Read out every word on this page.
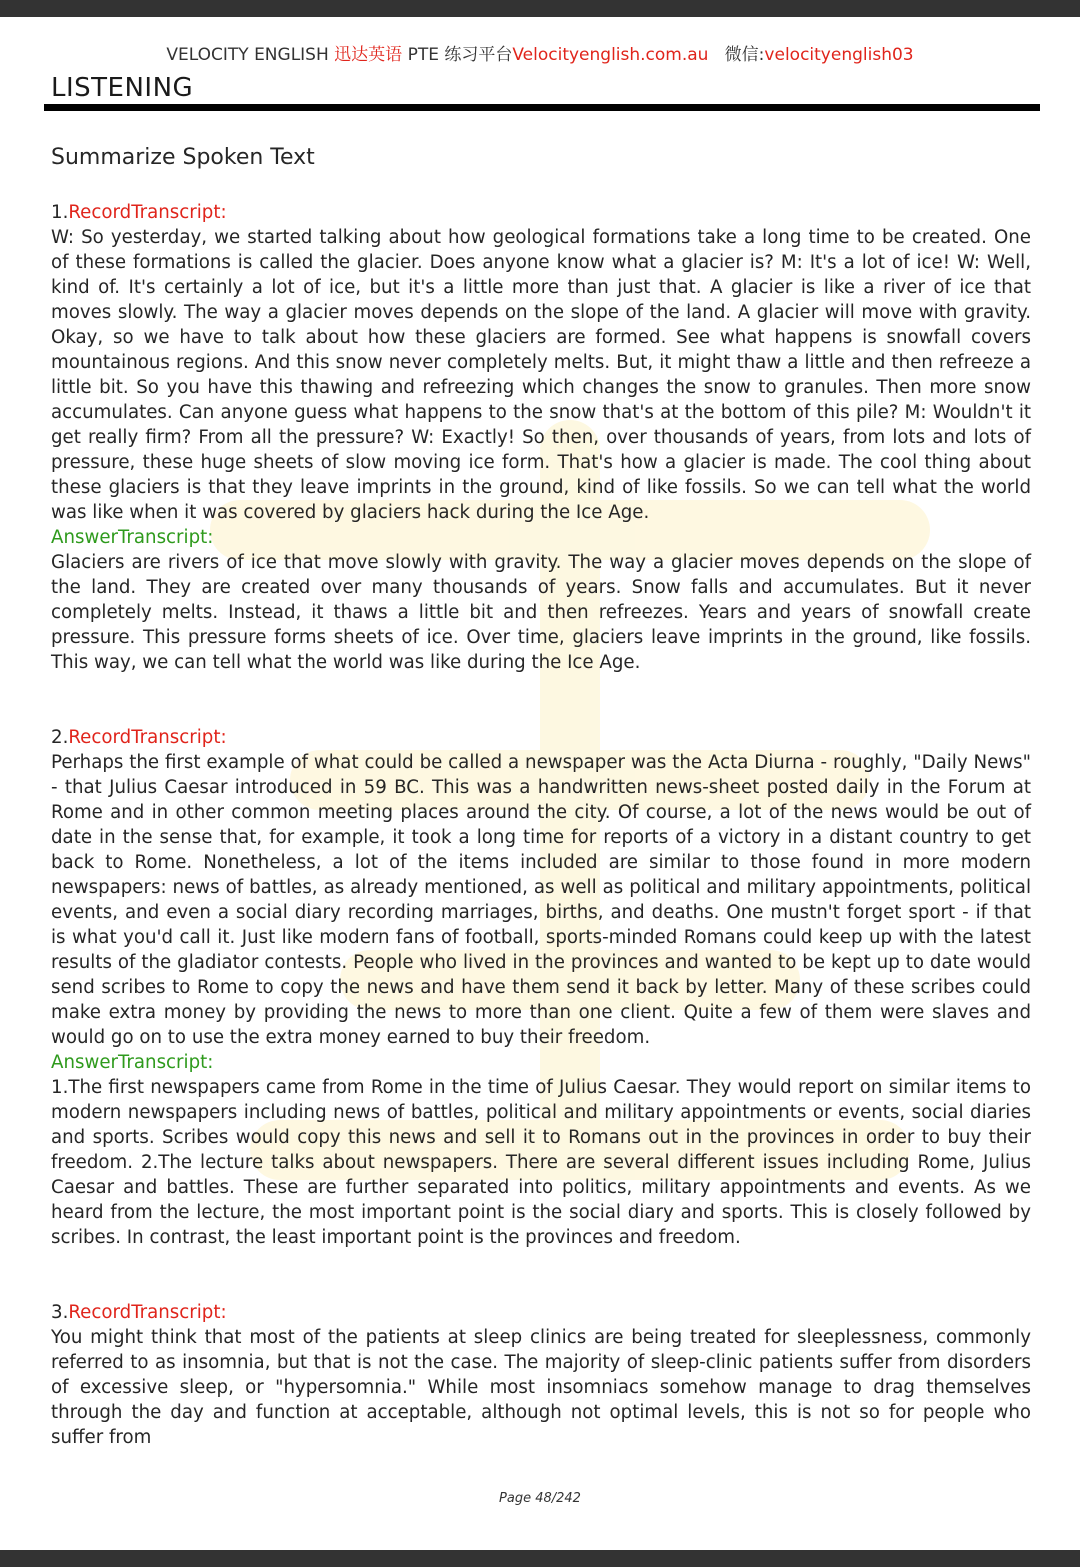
VELOCITY ENGLISH 迅达英语 PTE 练习平台Velocityenglish.com.au   微信:velocityenglish03
LISTENING
Summarize Spoken Text

1.RecordTranscript:

W: So yesterday, we started talking about how geological formations take a long time to be created. One of these formations is called the glacier. Does anyone know what a glacier is? M: It's a lot of ice! W: Well, kind of. It's certainly a lot of ice, but it's a little more than just that. A glacier is like a river of ice that moves slowly. The way a glacier moves depends on the slope of the land. A glacier will move with gravity. Okay, so we have to talk about how these glaciers are formed. See what happens is snowfall covers mountainous regions. And this snow never completely melts. But, it might thaw a little and then refreeze a little bit. So you have this thawing and refreezing which changes the snow to granules. Then more snow accumulates. Can anyone guess what happens to the snow that's at the bottom of this pile? M: Wouldn't it get really firm? From all the pressure? W: Exactly! So then, over thousands of years, from lots and lots of pressure, these huge sheets of slow moving ice form. That's how a glacier is made. The cool thing about these glaciers is that they leave imprints in the ground, kind of like fossils. So we can tell what the world was like when it was covered by glaciers hack during the Ice Age.

AnswerTranscript:

Glaciers are rivers of ice that move slowly with gravity. The way a glacier moves depends on the slope of the land. They are created over many thousands of years. Snow falls and accumulates. But it never completely melts. Instead, it thaws a little bit and then refreezes. Years and years of snowfall create pressure. This pressure forms sheets of ice. Over time, glaciers leave imprints in the ground, like fossils. This way, we can tell what the world was like during the Ice Age.

2.RecordTranscript:

Perhaps the first example of what could be called a newspaper was the Acta Diurna - roughly, "Daily News" - that Julius Caesar introduced in 59 BC. This was a handwritten news-sheet posted daily in the Forum at Rome and in other common meeting places around the city. Of course, a lot of the news would be out of date in the sense that, for example, it took a long time for reports of a victory in a distant country to get back to Rome. Nonetheless, a lot of the items included are similar to those found in more modern newspapers: news of battles, as already mentioned, as well as political and military appointments, political events, and even a social diary recording marriages, births, and deaths. One mustn't forget sport - if that is what you'd call it. Just like modern fans of football, sports-minded Romans could keep up with the latest results of the gladiator contests. People who lived in the provinces and wanted to be kept up to date would send scribes to Rome to copy the news and have them send it back by letter. Many of these scribes could make extra money by providing the news to more than one client. Quite a few of them were slaves and would go on to use the extra money earned to buy their freedom.

AnswerTranscript:

1.The first newspapers came from Rome in the time of Julius Caesar. They would report on similar items to modern newspapers including news of battles, political and military appointments or events, social diaries and sports. Scribes would copy this news and sell it to Romans out in the provinces in order to buy their freedom. 2.The lecture talks about newspapers. There are several different issues including Rome, Julius Caesar and battles. These are further separated into politics, military appointments and events. As we heard from the lecture, the most important point is the social diary and sports. This is closely followed by scribes. In contrast, the least important point is the provinces and freedom.

3.RecordTranscript:

You might think that most of the patients at sleep clinics are being treated for sleeplessness, commonly referred to as insomnia, but that is not the case. The majority of sleep-clinic patients suffer from disorders of excessive sleep, or "hypersomnia." While most insomniacs somehow manage to drag themselves through the day and function at acceptable, although not optimal levels, this is not so for people who suffer from

Page 48/242
